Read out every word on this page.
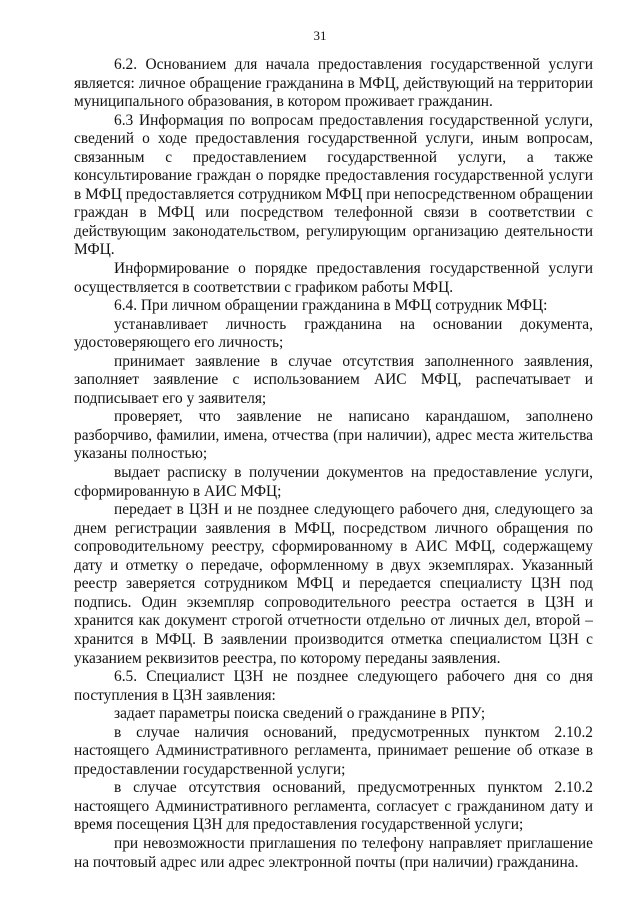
31

6.2. Основанием для начала предоставления государственной услуги является: личное обращение гражданина в МФЦ, действующий на территории муниципального образования, в котором проживает гражданин.

6.3 Информация по вопросам предоставления государственной услуги, сведений о ходе предоставления государственной услуги, иным вопросам, связанным с предоставлением государственной услуги, а также консультирование граждан о порядке предоставления государственной услуги в МФЦ предоставляется сотрудником МФЦ при непосредственном обращении граждан в МФЦ или посредством телефонной связи в соответствии с действующим законодательством, регулирующим организацию деятельности МФЦ.

Информирование о порядке предоставления государственной услуги осуществляется в соответствии с графиком работы МФЦ.

6.4. При личном обращении гражданина в МФЦ сотрудник МФЦ:

устанавливает личность гражданина на основании документа, удостоверяющего его личность;

принимает заявление в случае отсутствия заполненного заявления, заполняет заявление с использованием АИС МФЦ, распечатывает и подписывает его у заявителя;

проверяет, что заявление не написано карандашом, заполнено разборчиво, фамилии, имена, отчества (при наличии), адрес места жительства указаны полностью;

выдает расписку в получении документов на предоставление услуги, сформированную в АИС МФЦ;

передает в ЦЗН и не позднее следующего рабочего дня, следующего за днем регистрации заявления в МФЦ, посредством личного обращения по сопроводительному реестру, сформированному в АИС МФЦ, содержащему дату и отметку о передаче, оформленному в двух экземплярах. Указанный реестр заверяется сотрудником МФЦ и передается специалисту ЦЗН под подпись. Один экземпляр сопроводительного реестра остается в ЦЗН и хранится как документ строгой отчетности отдельно от личных дел, второй – хранится в МФЦ. В заявлении производится отметка специалистом ЦЗН с указанием реквизитов реестра, по которому переданы заявления.

6.5. Специалист ЦЗН не позднее следующего рабочего дня со дня поступления в ЦЗН заявления:

задает параметры поиска сведений о гражданине в РПУ;

в случае наличия оснований, предусмотренных пунктом 2.10.2 настоящего Административного регламента, принимает решение об отказе в предоставлении государственной услуги;

в случае отсутствия оснований, предусмотренных пунктом 2.10.2 настоящего Административного регламента, согласует с гражданином дату и время посещения ЦЗН для предоставления государственной услуги;

при невозможности приглашения по телефону направляет приглашение на почтовый адрес или адрес электронной почты (при наличии) гражданина.
